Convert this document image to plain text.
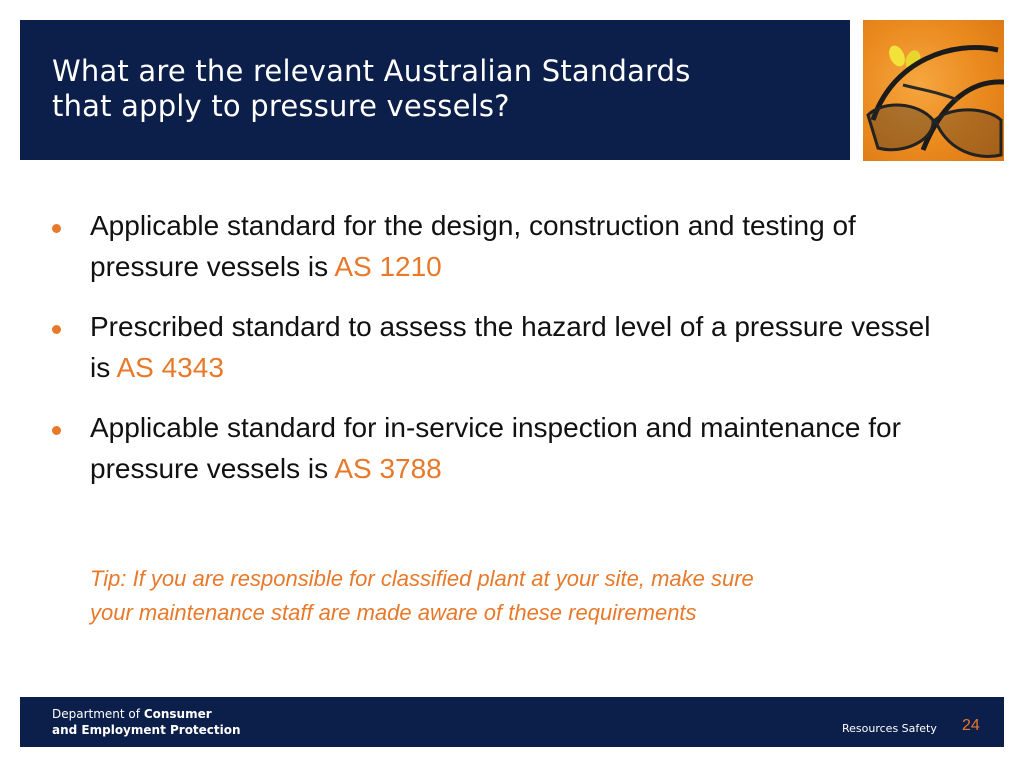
What are the relevant Australian Standards
that apply to pressure vessels?
Applicable standard for the design, construction and testing of pressure vessels is AS 1210
Prescribed standard to assess the hazard level of a pressure vessel is AS 4343
Applicable standard for in-service inspection and maintenance for pressure vessels is AS 3788
Tip: If you are responsible for classified plant at your site, make sure
your maintenance staff are made aware of these requirements
Department of Consumer
and Employment Protection	Resources Safety 24
